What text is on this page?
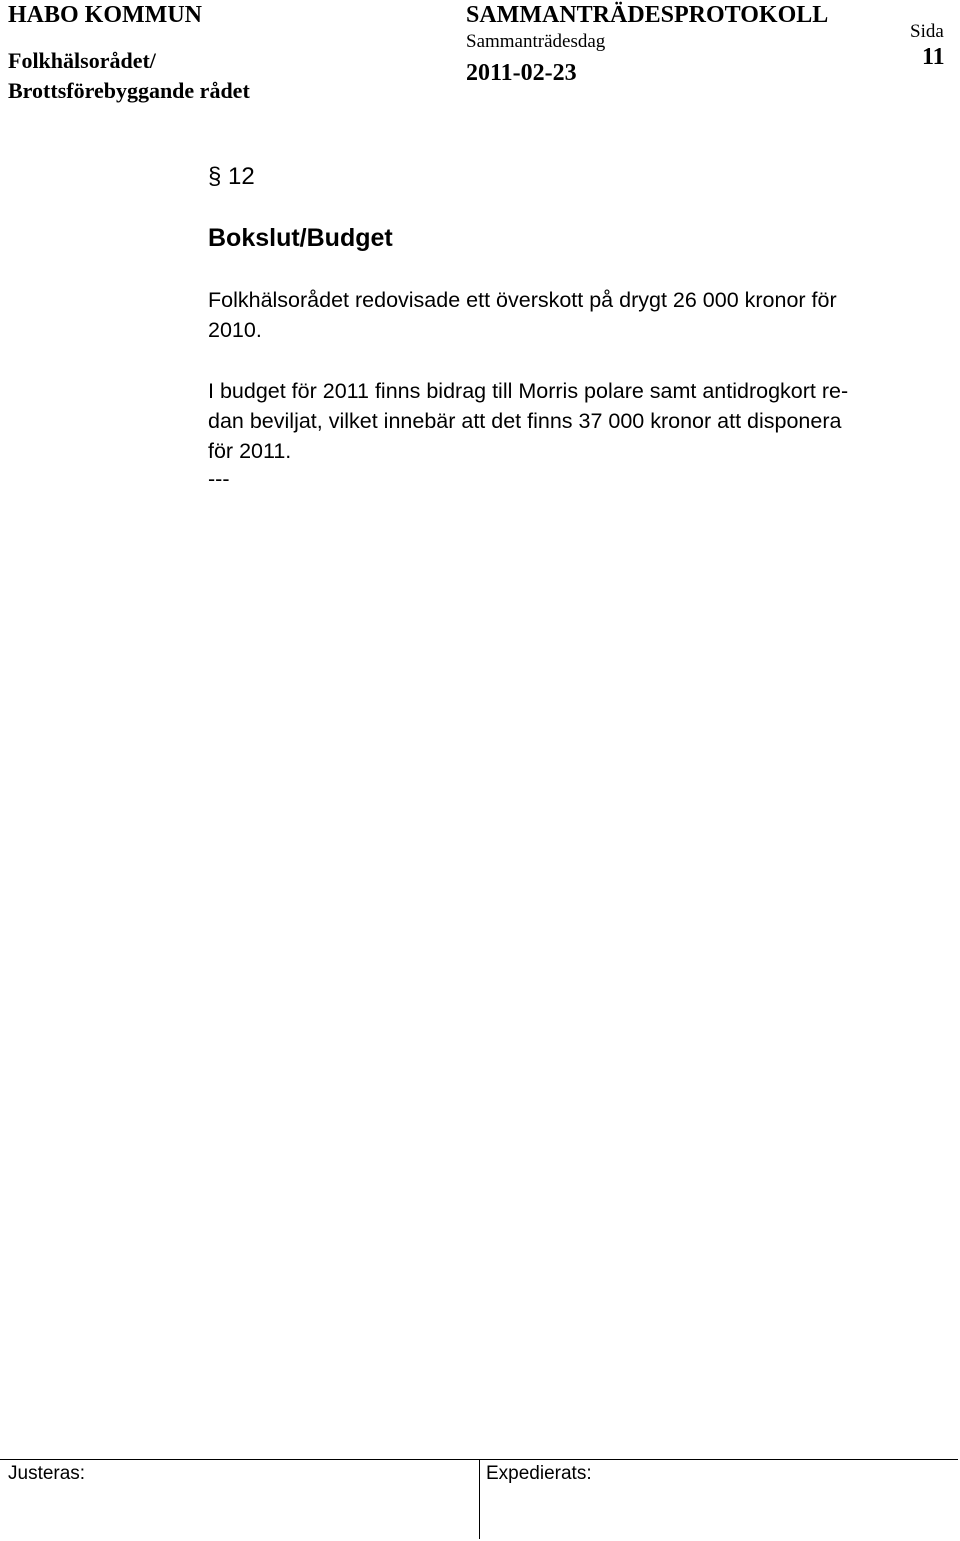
HABO KOMMUN
Folkhälsorådet/
Brottsförebyggande rådet
SAMMANTRÄDESPROTOKOLL
Sammanträdesdag
2011-02-23
Sida
11
§ 12
Bokslut/Budget
Folkhälsorådet redovisade ett överskott på drygt 26 000 kronor för
2010.
I budget för 2011 finns bidrag till Morris polare samt antidrogkort re-
dan beviljat, vilket innebär att det finns 37 000 kronor att disponera
för 2011.
---
Justeras:	Expedierats:
